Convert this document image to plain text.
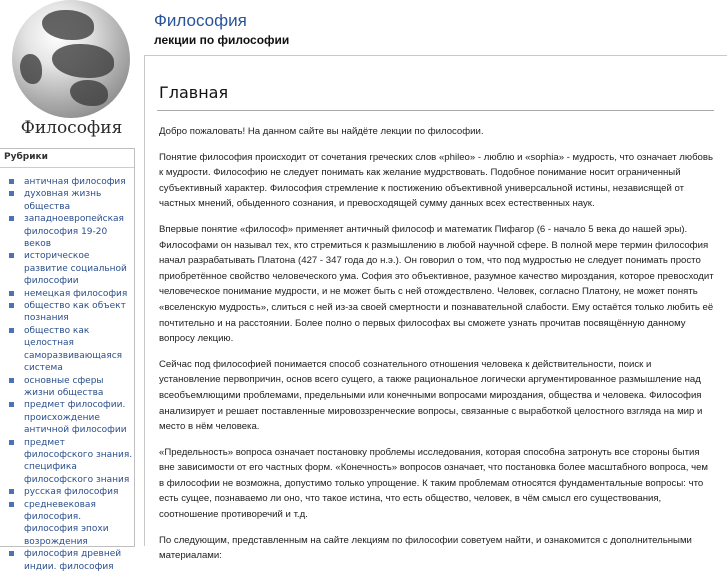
Философия
Философия
лекции по философии
Рубрики
античная философия
духовная жизнь общества
западноевропейская философия 19-20 веков
историческое развитие социальной философии
немецкая философия
общество как объект познания
общество как целостная саморазвивающаяся система
основные сферы жизни общества
предмет философии. происхождение античной философии
предмет философского знания. специфика философского знания
русская философия
средневековая философия. философия эпохи возрождения
философия древней индии. философия
Главная

Добро пожаловать! На данном сайте вы найдёте лекции по философии.

Понятие философия происходит от сочетания греческих слов «phileo» - люблю и «sophia» - мудрость, что означает любовь к мудрости. Философию не следует понимать как желание мудрствовать. Подобное понимание носит ограниченный субъективный характер. Философия стремление к постижению объективной универсальной истины, независящей от частных мнений, обыденного сознания, и превосходящей сумму данных всех естественных наук.

Впервые понятие «философ» применяет античный философ и математик Пифагор (6 - начало 5 века до нашей эры). Философами он называл тех, кто стремиться к размышлению в любой научной сфере. В полной мере термин философия начал разрабатывать Платона (427 - 347 года до н.э.). Он говорил о том, что под мудростью не следует понимать просто приобретённое свойство человеческого ума. София это объективное, разумное качество мироздания, которое превосходит человеческое понимание мудрости, и не может быть с ней отождествлено. Человек, согласно Платону, не может понять «вселенскую мудрость», слиться с ней из-за своей смертности и познавательной слабости. Ему остаётся только любить её почтительно и на расстоянии. Более полно о первых философах вы сможете узнать прочитав посвящённую данному вопросу лекцию.

Сейчас под философией понимается способ сознательного отношения человека к действительности, поиск и установление первопричин, основ всего сущего, а также рациональное логически аргументированное размышление над всеобъемлющими проблемами, предельными или конечными вопросами мироздания, общества и человека. Философия анализирует и решает поставленные мировоззренческие вопросы, связанные с выработкой целостного взгляда на мир и место в нём человека.

«Предельность» вопроса означает постановку проблемы исследования, которая способна затронуть все стороны бытия вне зависимости от его частных форм. «Конечность» вопросов означает, что постановка более масштабного вопроса, чем в философии не возможна, допустимо только упрощение. К таким проблемам относятся фундаментальные вопросы: что есть сущее, познаваемо ли оно, что такое истина, что есть общество, человек, в чём смысл его существования, соотношение противоречий и т.д.

По следующим, представленным на сайте лекциям по философии советуем найти, и ознакомится с дополнительными материалами:
